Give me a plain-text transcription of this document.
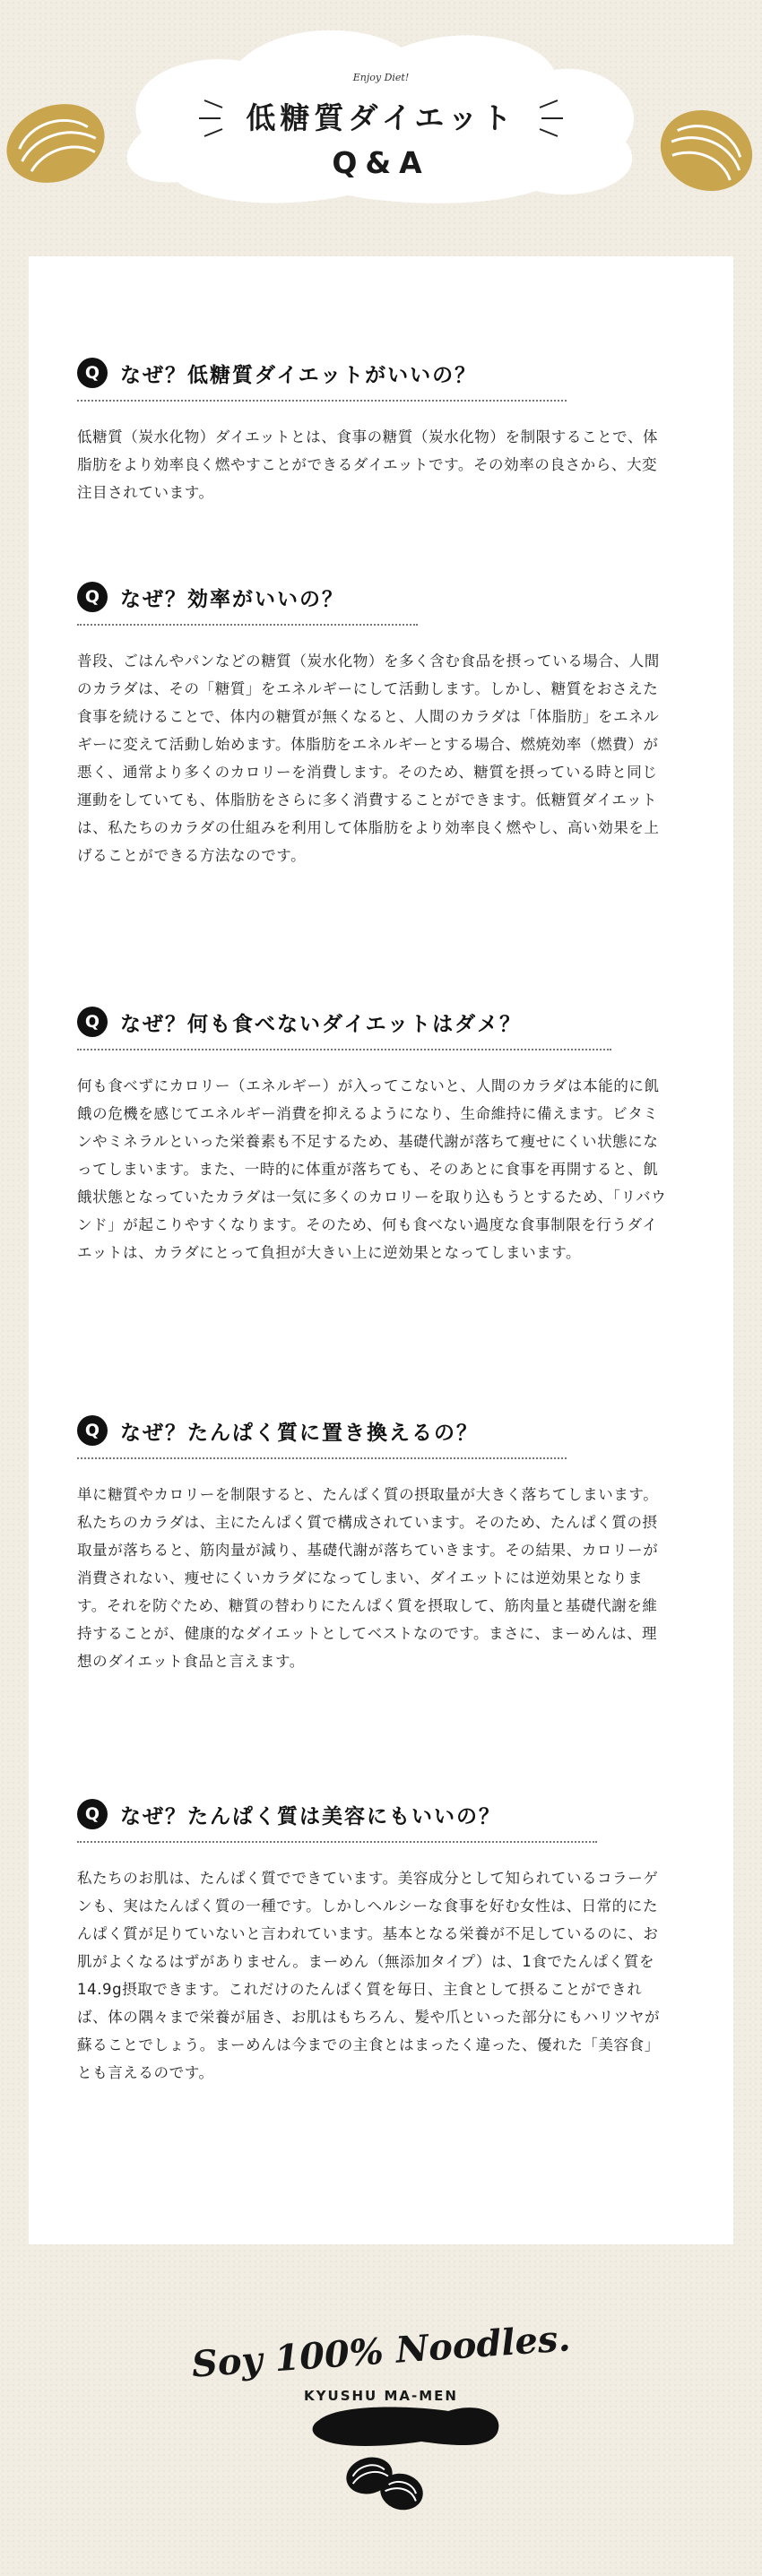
Enjoy Diet!
低糖質ダイエット
Q&A
Q なぜ？低糖質ダイエットがいいの？
低糖質（炭水化物）ダイエットとは、食事の糖質（炭水化物）を制限することで、体脂肪をより効率良く燃やすことができるダイエットです。その効率の良さから、大変注目されています。
Q なぜ？効率がいいの？
普段、ごはんやパンなどの糖質（炭水化物）を多く含む食品を摂っている場合、人間のカラダは、その「糖質」をエネルギーにして活動します。しかし、糖質をおさえた食事を続けることで、体内の糖質が無くなると、人間のカラダは「体脂肪」をエネルギーに変えて活動し始めます。体脂肪をエネルギーとする場合、燃焼効率（燃費）が悪く、通常より多くのカロリーを消費します。そのため、糖質を摂っている時と同じ運動をしていても、体脂肪をさらに多く消費することができます。低糖質ダイエットは、私たちのカラダの仕組みを利用して体脂肪をより効率良く燃やし、高い効果を上げることができる方法なのです。
Q なぜ？何も食べないダイエットはダメ？
何も食べずにカロリー（エネルギー）が入ってこないと、人間のカラダは本能的に飢餓の危機を感じてエネルギー消費を抑えるようになり、生命維持に備えます。ビタミンやミネラルといった栄養素も不足するため、基礎代謝が落ちて痩せにくい状態になってしまいます。また、一時的に体重が落ちても、そのあとに食事を再開すると、飢餓状態となっていたカラダは一気に多くのカロリーを取り込もうとするため、「リバウンド」が起こりやすくなります。そのため、何も食べない過度な食事制限を行うダイエットは、カラダにとって負担が大きい上に逆効果となってしまいます。
Q なぜ？たんぱく質に置き換えるの？
単に糖質やカロリーを制限すると、たんぱく質の摂取量が大きく落ちてしまいます。私たちのカラダは、主にたんぱく質で構成されています。そのため、たんぱく質の摂取量が落ちると、筋肉量が減り、基礎代謝が落ちていきます。その結果、カロリーが消費されない、痩せにくいカラダになってしまい、ダイエットには逆効果となります。それを防ぐため、糖質の替わりにたんぱく質を摂取して、筋肉量と基礎代謝を維持することが、健康的なダイエットとしてベストなのです。まさに、まーめんは、理想のダイエット食品と言えます。
Q なぜ？たんぱく質は美容にもいいの？
私たちのお肌は、たんぱく質でできています。美容成分として知られているコラーゲンも、実はたんぱく質の一種です。しかしヘルシーな食事を好む女性は、日常的にたんぱく質が足りていないと言われています。基本となる栄養が不足しているのに、お肌がよくなるはずがありません。まーめん（無添加タイプ）は、1食でたんぱく質を14.9g摂取できます。これだけのたんぱく質を毎日、主食として摂ることができれば、体の隅々まで栄養が届き、お肌はもちろん、髪や爪といった部分にもハリツヤが蘇ることでしょう。まーめんは今までの主食とはまったく違った、優れた「美容食」とも言えるのです。
Soy 100% Noodles.
KYUSHU MA-MEN
